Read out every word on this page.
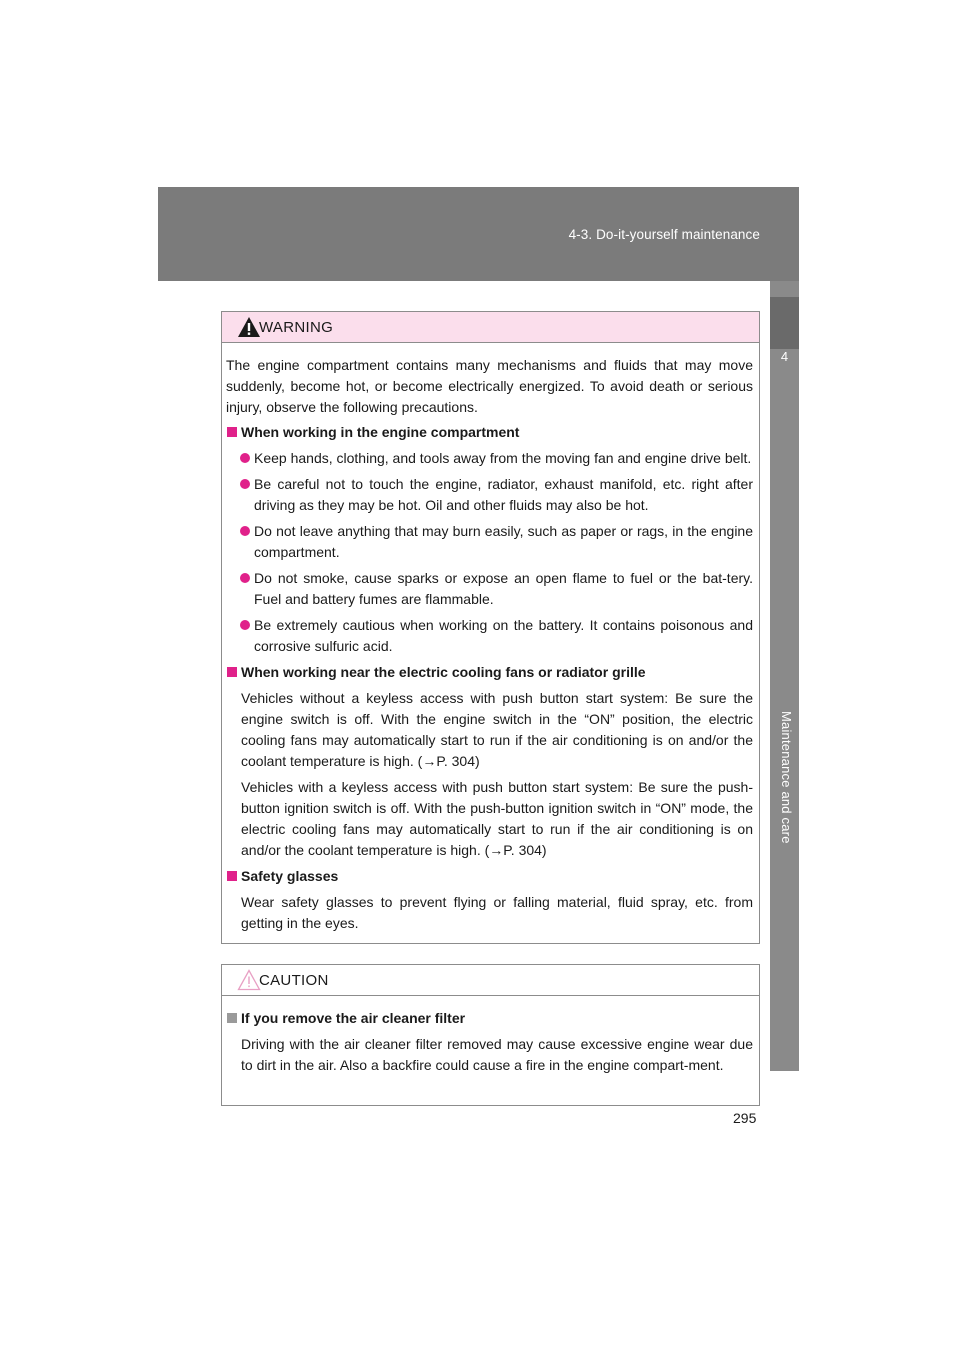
4-3. Do-it-yourself maintenance
4
Maintenance and care
WARNING

The engine compartment contains many mechanisms and fluids that may move suddenly, become hot, or become electrically energized. To avoid death or serious injury, observe the following precautions.

When working in the engine compartment
Keep hands, clothing, and tools away from the moving fan and engine drive belt.
Be careful not to touch the engine, radiator, exhaust manifold, etc. right after driving as they may be hot. Oil and other fluids may also be hot.
Do not leave anything that may burn easily, such as paper or rags, in the engine compartment.
Do not smoke, cause sparks or expose an open flame to fuel or the bat-tery. Fuel and battery fumes are flammable.
Be extremely cautious when working on the battery. It contains poisonous and corrosive sulfuric acid.
When working near the electric cooling fans or radiator grille

Vehicles without a keyless access with push button start system: Be sure the engine switch is off. With the engine switch in the “ON” position, the electric cooling fans may automatically start to run if the air conditioning is on and/or the coolant temperature is high. (→P. 304)

Vehicles with a keyless access with push button start system: Be sure the push-button ignition switch is off. With the push-button ignition switch in “ON” mode, the electric cooling fans may automatically start to run if the air conditioning is on and/or the coolant temperature is high. (→P. 304)

Safety glasses

Wear safety glasses to prevent flying or falling material, fluid spray, etc. from getting in the eyes.

CAUTION
If you remove the air cleaner filter

Driving with the air cleaner filter removed may cause excessive engine wear due to dirt in the air. Also a backfire could cause a fire in the engine compart-ment.

295
